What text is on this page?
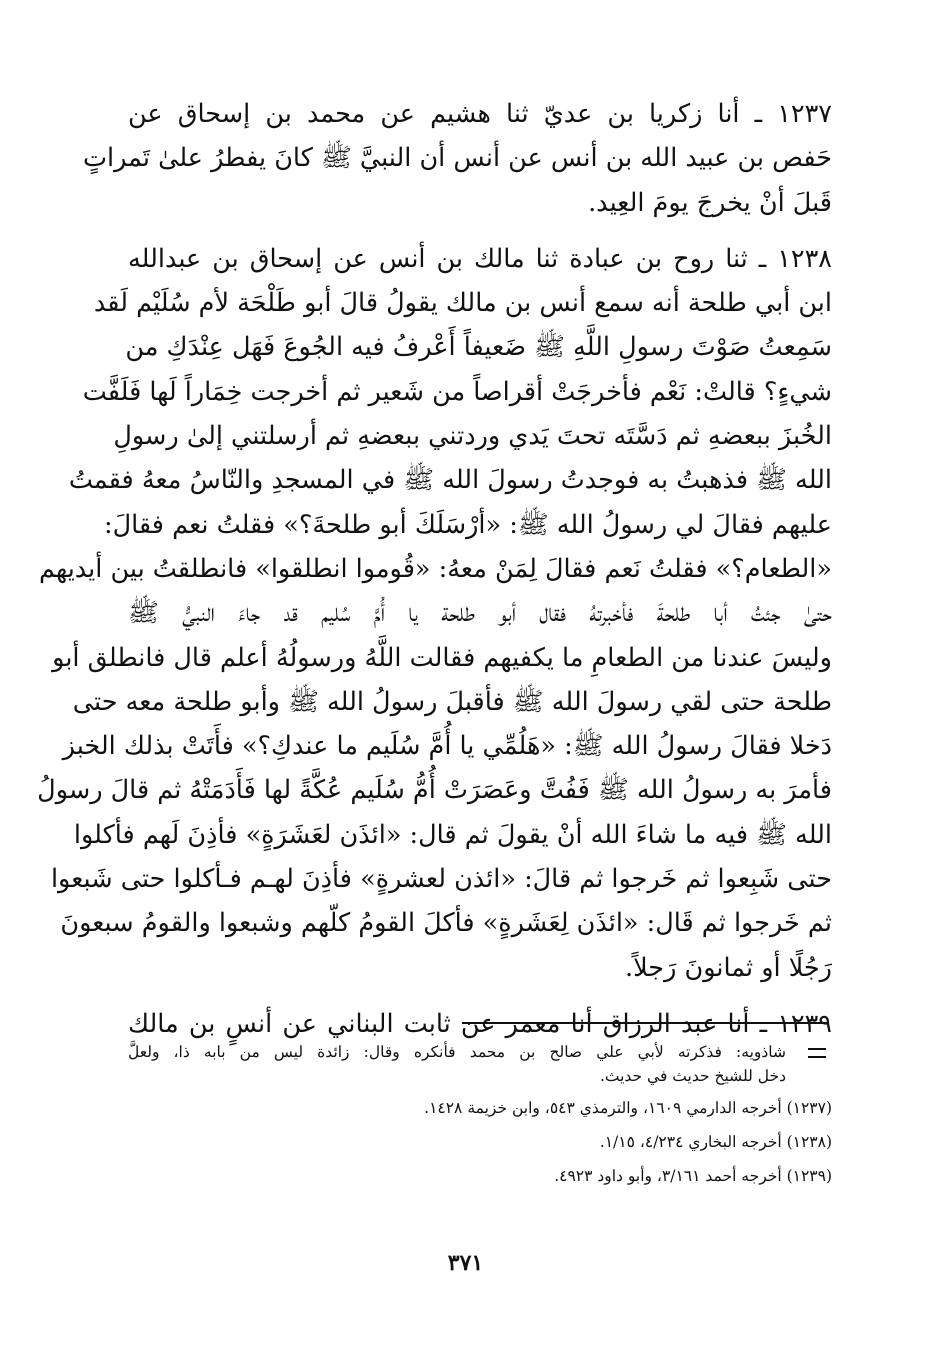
١٢٣٧ ـ أنا زكريا بن عديّ ثنا هشيم عن محمد بن إسحاق عن
حَفص بن عبيد الله بن أنس عن أنس أن النبيَّ ﷺ كانَ يفطرُ علىٰ تَمراتٍ
قَبلَ أنْ يخرجَ يومَ العِيد.
١٢٣٨ ـ ثنا روح بن عبادة ثنا مالك بن أنس عن إسحاق بن عبدالله
ابن أبي طلحة أنه سمع أنس بن مالك يقولُ قالَ أبو طَلْحَة لأم سُلَيْم لَقد
سَمِعتُ صَوْتَ رسولِ اللَّهِ ﷺ ضَعيفاً أَعْرفُ فيه الجُوعَ فَهَل عِنْدَكِ من
شيءٍ؟ قالتْ: نَعْم فأخرجَتْ أقراصاً من شَعير ثم أخرجت خِمَاراً لَها فَلَفَّت
الخُبزَ ببعضهِ ثم دَسَّتَه تحتَ يَدي وردتني ببعضهِ ثم أرسلتني إلىٰ رسولِ
الله ﷺ فذهبتُ به فوجدتُ رسولَ الله ﷺ في المسجدِ والنّاسُ معهُ فقمتُ
عليهم فقالَ لي رسولُ الله ﷺ: «أرْسَلَكَ أبو طلحةَ؟» فقلتُ نعم فقالَ:
«الطعام؟» فقلتُ نَعم فقالَ لِمَنْ معهُ: «قُوموا انطلقوا» فانطلقتُ بين أيديهم
حتىٰ جئتُ أبا طلحةَ فأخبرتهُ فقال أبو طلحة يا أُمَّ سُليم قد جاءَ النبيُّ ﷺ
وليسَ عندنا من الطعامِ ما يكفيهم فقالت اللَّهُ ورسولُهُ أعلم قال فانطلق أبو
طلحة حتى لقي رسولَ الله ﷺ فأقبلَ رسولُ الله ﷺ وأبو طلحة معه حتى
دَخلا فقالَ رسولُ الله ﷺ: «هَلُمِّي يا أُمَّ سُلَيم ما عندكِ؟» فأَتَتْ بذلك الخبز
فأمرَ به رسولُ الله ﷺ فَفُتَّ وعَصَرَتْ أُمُّ سُلَيم عُكَّةً لها فَأَدَمَتْهُ ثم قالَ رسولُ
الله ﷺ فيه ما شاءَ الله أنْ يقولَ ثم قال: «ائذَن لعَشَرَةٍ» فأذِنَ لَهم فأكلوا
حتى شَبِعوا ثم خَرجوا ثم قالَ: «ائذن لعشرةٍ» فأذِنَ لهـم فـأكلوا حتى شَبعوا
ثم خَرجوا ثم قَال: «ائذَن لِعَشَرةٍ» فأكلَ القومُ كلّهم وشبعوا والقومُ سبعونَ
رَجُلًا أو ثمانونَ رَجلاً.
١٢٣٩ ـ أنا عبد الرزاق أنا معمر عن ثابت البناني عن أنسٍ بن مالك
شاذويه: فذكرته لأبي علي صالح بن محمد فأنكره وقال: زائدة ليس من بابه ذا، ولعلَّ
دخل للشيخ حديث في حديث.
(١٢٣٧) أخرجه الدارمي ١٦٠٩، والترمذي ٥٤٣، وابن خزيمة ١٤٢٨.
(١٢٣٨) أخرجه البخاري ٤/٢٣٤، ١/١٥.
(١٢٣٩) أخرجه أحمد ٣/١٦١، وأبو داود ٤٩٢٣.
٣٧١
